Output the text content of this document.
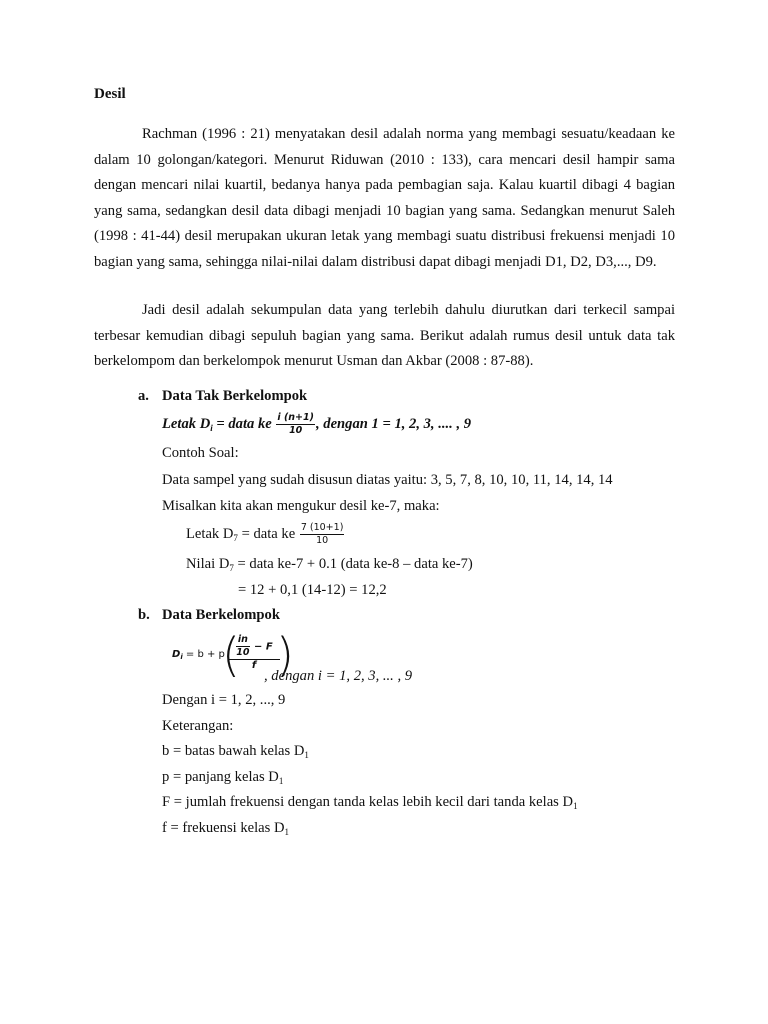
Desil

Rachman (1996 : 21) menyatakan desil adalah norma yang membagi sesuatu/keadaan ke dalam 10 golongan/kategori. Menurut Riduwan (2010 : 133), cara mencari desil hampir sama dengan mencari nilai kuartil, bedanya hanya pada pembagian saja. Kalau kuartil dibagi 4 bagian yang sama, sedangkan desil data dibagi menjadi 10 bagian yang sama. Sedangkan menurut Saleh (1998 : 41-44) desil merupakan ukuran letak yang membagi suatu distribusi frekuensi menjadi 10 bagian yang sama, sehingga nilai-nilai dalam distribusi dapat dibagi menjadi D1, D2, D3,..., D9.

Jadi desil adalah sekumpulan data yang terlebih dahulu diurutkan dari terkecil sampai terbesar kemudian dibagi sepuluh bagian yang sama. Berikut adalah rumus desil untuk data tak berkelompom dan berkelompok menurut Usman dan Akbar (2008 : 87-88).

a. Data Tak Berkelompok
Letak $D_i$ = data ke $\frac{i (n+1)}{10}$ , dengan 1 = 1, 2, 3, .... , 9
Contoh Soal:
Data sampel yang sudah disusun diatas yaitu: 3, 5, 7, 8, 10, 10, 11, 14, 14, 14
Misalkan kita akan mengukur desil ke-7, maka:
Letak $D_7$ = data ke $\frac{7 (10+1)}{10}$
Nilai $D_7$ = data ke-7 + 0.1 (data ke-8 – data ke-7)
= 12 + 0,1 (14-12) = 12,2
b. Data Berkelompok
$D_i = b + p$
(
$\frac{\frac{in}{10} - F}{f}$
)
, dengan i = 1, 2, 3, ... , 9
Dengan i = 1, 2, ..., 9
Keterangan:
b = batas bawah kelas $D_1$
p = panjang kelas $D_1$
F = jumlah frekuensi dengan tanda kelas lebih kecil dari tanda kelas $D_1$
f = frekuensi kelas $D_1$
